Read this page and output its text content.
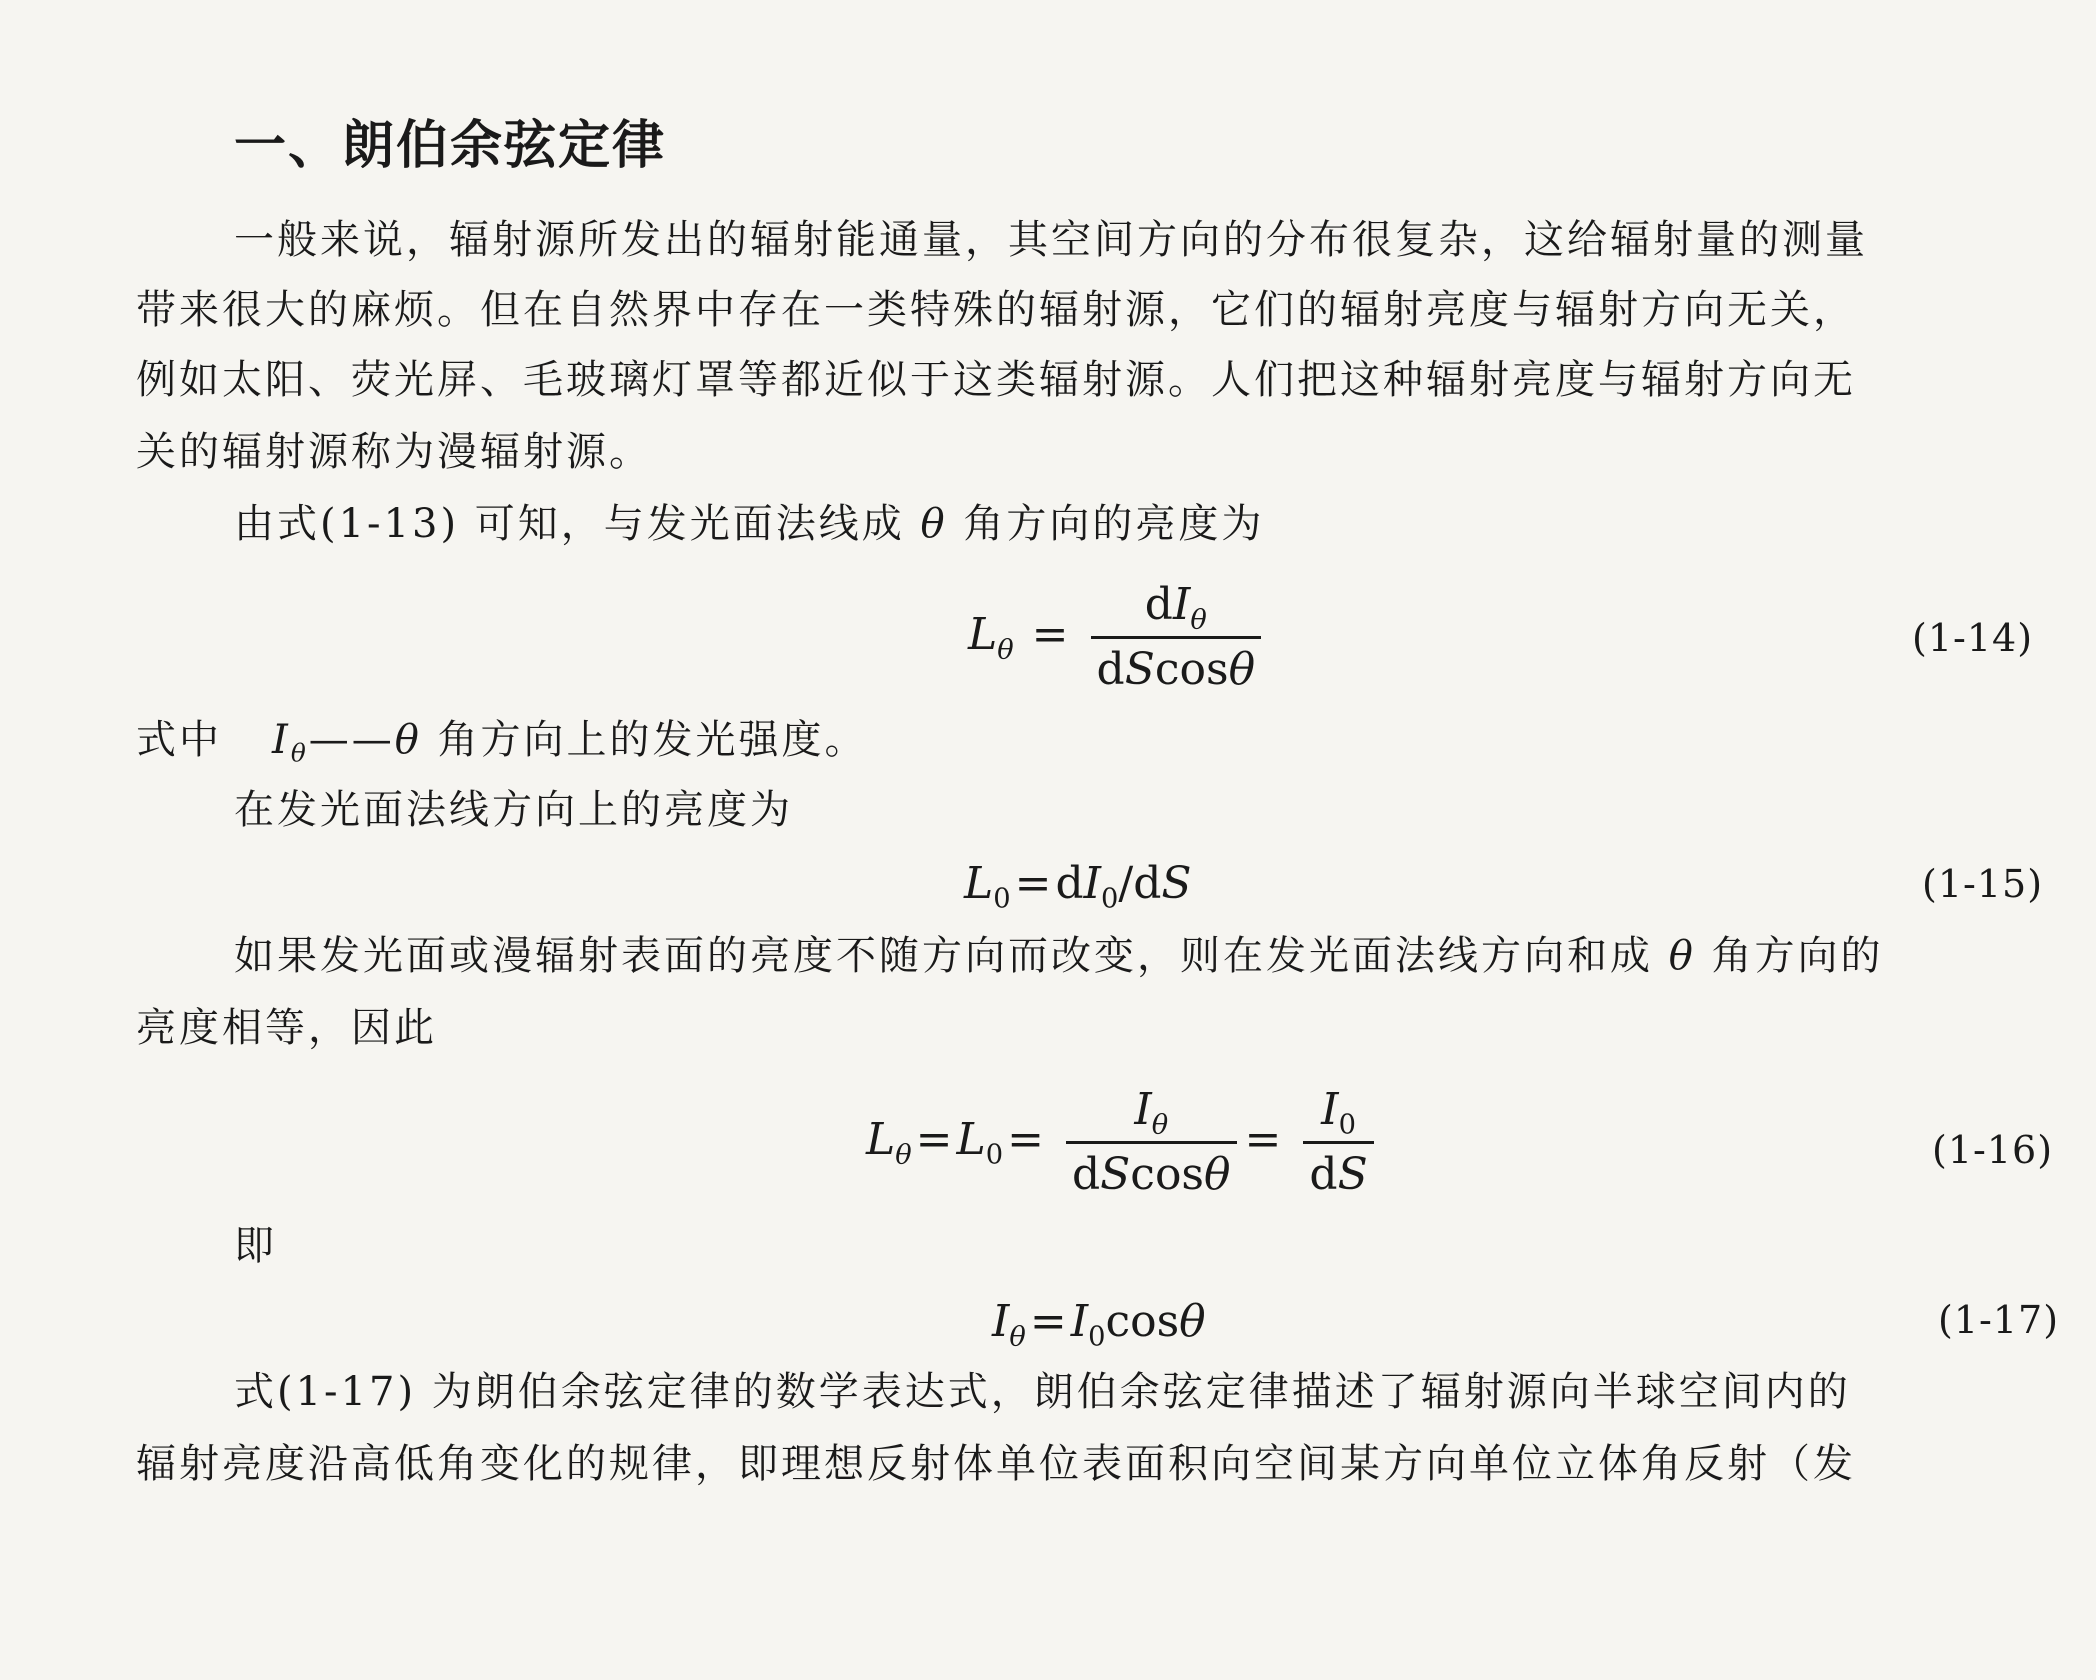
一、朗伯余弦定律
一般来说，辐射源所发出的辐射能通量，其空间方向的分布很复杂，这给辐射量的测量
带来很大的麻烦。但在自然界中存在一类特殊的辐射源，它们的辐射亮度与辐射方向无关，
例如太阳、荧光屏、毛玻璃灯罩等都近似于这类辐射源。人们把这种辐射亮度与辐射方向无
关的辐射源称为漫辐射源。
由式(1-13) 可知，与发光面法线成 θ 角方向的亮度为
$L_\theta = \frac{dI_\theta}{dScos\theta}$	(1-14)
式中 $I_\theta——\theta$ 角方向上的发光强度。
在发光面法线方向上的亮度为
$L_0=dI_0/dS$	(1-15)
如果发光面或漫辐射表面的亮度不随方向而改变，则在发光面法线方向和成 θ 角方向的
亮度相等，因此
$L_\theta=L_0= \frac{I_\theta}{dScos\theta} = \frac{I_0}{dS}$	(1-16)
即
$I_\theta=I_0\cos\theta$	(1-17)
式(1-17) 为朗伯余弦定律的数学表达式，朗伯余弦定律描述了辐射源向半球空间内的
辐射亮度沿高低角变化的规律，即理想反射体单位表面积向空间某方向单位立体角反射（发
